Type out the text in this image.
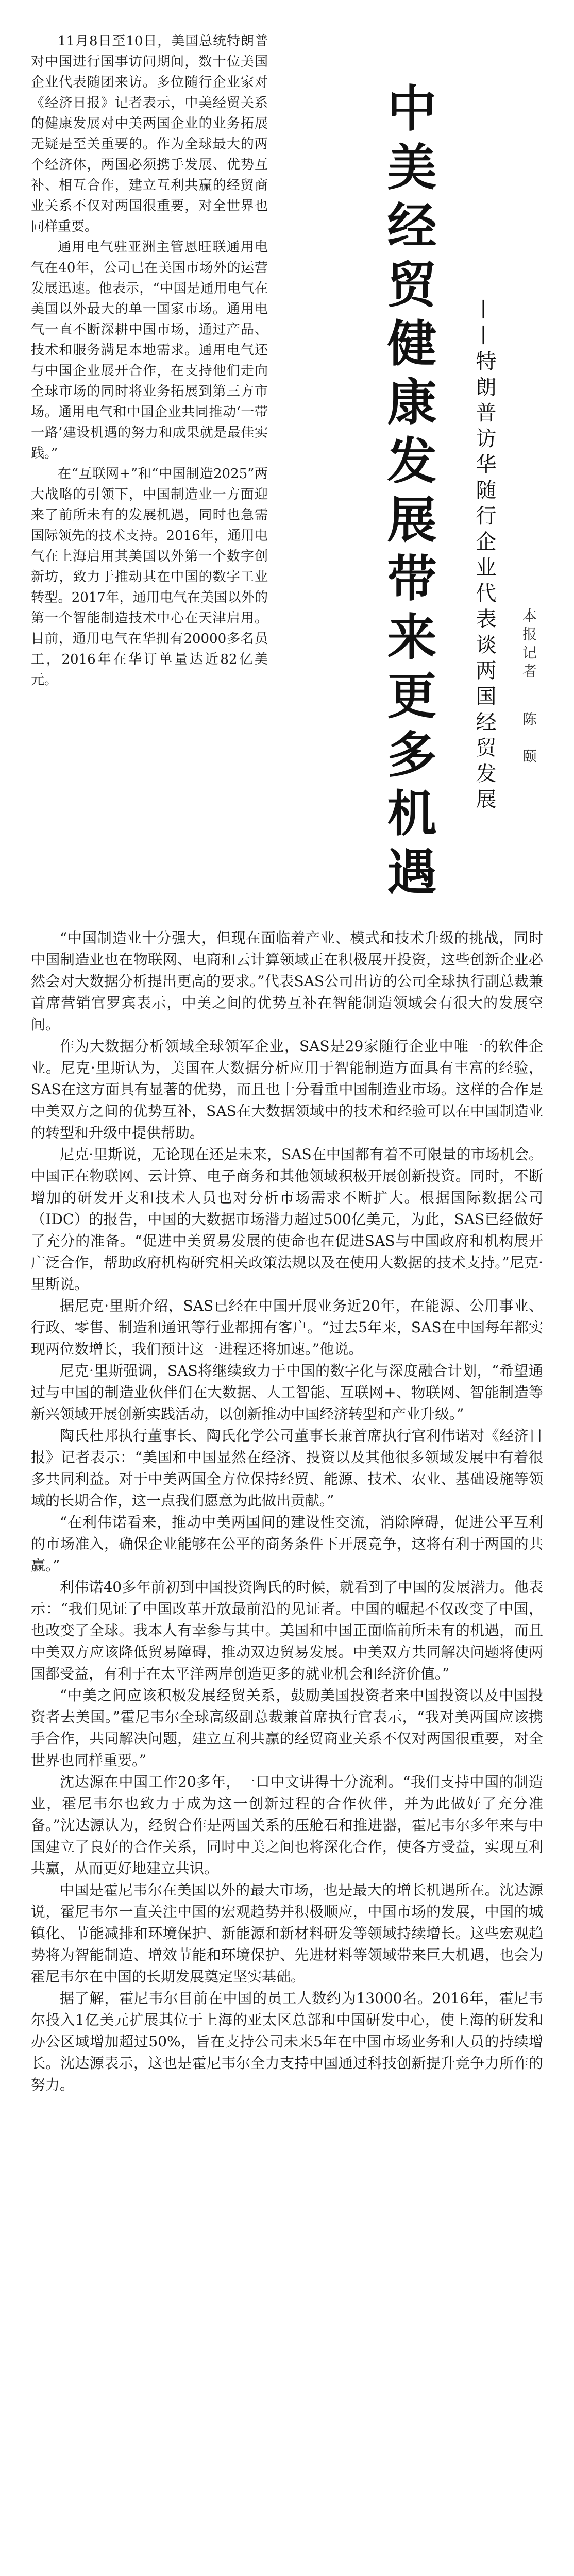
11月8日至10日，美国总统特朗普对中国进行国事访问期间，数十位美国企业代表随团来访。多位随行企业家对《经济日报》记者表示，中美经贸关系的健康发展对中美两国企业的业务拓展无疑是至关重要的。作为全球最大的两个经济体，两国必须携手发展、优势互补、相互合作，建立互利共赢的经贸商业关系不仅对两国很重要，对全世界也同样重要。

通用电气驻亚洲主管恩旺联通用电气在40年，公司已在美国市场外的运营发展迅速。他表示，“中国是通用电气在美国以外最大的单一国家市场。通用电气一直不断深耕中国市场，通过产品、技术和服务满足本地需求。通用电气还与中国企业展开合作，在支持他们走向全球市场的同时将业务拓展到第三方市场。通用电气和中国企业共同推动‘一带一路’建设机遇的努力和成果就是最佳实践。”

在“互联网+”和“中国制造2025”两大战略的引领下，中国制造业一方面迎来了前所未有的发展机遇，同时也急需国际领先的技术支持。2016年，通用电气在上海启用其美国以外第一个数字创新坊，致力于推动其在中国的数字工业转型。2017年，通用电气在美国以外的第一个智能制造技术中心在天津启用。目前，通用电气在华拥有20000多名员工，2016年在华订单量达近82亿美元。	中美经贸健康发展带来更多机遇 ——特朗普访华随行企业代表谈两国经贸发展 本报记者 陈　颐

“中国制造业十分强大，但现在面临着产业、模式和技术升级的挑战，同时中国制造业也在物联网、电商和云计算领域正在积极展开投资，这些创新企业必然会对大数据分析提出更高的要求。”代表SAS公司出访的公司全球执行副总裁兼首席营销官罗宾表示，中美之间的优势互补在智能制造领域会有很大的发展空间。

作为大数据分析领域全球领军企业，SAS是29家随行企业中唯一的软件企业。尼克·里斯认为，美国在大数据分析应用于智能制造方面具有丰富的经验，SAS在这方面具有显著的优势，而且也十分看重中国制造业市场。这样的合作是中美双方之间的优势互补，SAS在大数据领域中的技术和经验可以在中国制造业的转型和升级中提供帮助。

尼克·里斯说，无论现在还是未来，SAS在中国都有着不可限量的市场机会。中国正在物联网、云计算、电子商务和其他领域积极开展创新投资。同时，不断增加的研发开支和技术人员也对分析市场需求不断扩大。根据国际数据公司（IDC）的报告，中国的大数据市场潜力超过500亿美元，为此，SAS已经做好了充分的准备。“促进中美贸易发展的使命也在促进SAS与中国政府和机构展开广泛合作，帮助政府机构研究相关政策法规以及在使用大数据的技术支持。”尼克·里斯说。

据尼克·里斯介绍，SAS已经在中国开展业务近20年，在能源、公用事业、行政、零售、制造和通讯等行业都拥有客户。“过去5年来，SAS在中国每年都实现两位数增长，我们预计这一进程还将加速。”他说。

尼克·里斯强调，SAS将继续致力于中国的数字化与深度融合计划，“希望通过与中国的制造业伙伴们在大数据、人工智能、互联网+、物联网、智能制造等新兴领域开展创新实践活动，以创新推动中国经济转型和产业升级。”

陶氏杜邦执行董事长、陶氏化学公司董事长兼首席执行官利伟诺对《经济日报》记者表示：“美国和中国显然在经济、投资以及其他很多领域发展中有着很多共同利益。对于中美两国全方位保持经贸、能源、技术、农业、基础设施等领域的长期合作，这一点我们愿意为此做出贡献。”

“在利伟诺看来，推动中美两国间的建设性交流，消除障碍，促进公平互利的市场准入，确保企业能够在公平的商务条件下开展竞争，这将有利于两国的共赢。”

利伟诺40多年前初到中国投资陶氏的时候，就看到了中国的发展潜力。他表示：“我们见证了中国改革开放最前沿的见证者。中国的崛起不仅改变了中国，也改变了全球。我本人有幸参与其中。美国和中国正面临前所未有的机遇，而且中美双方应该降低贸易障碍，推动双边贸易发展。中美双方共同解决问题将使两国都受益，有利于在太平洋两岸创造更多的就业机会和经济价值。”

“中美之间应该积极发展经贸关系，鼓励美国投资者来中国投资以及中国投资者去美国。”霍尼韦尔全球高级副总裁兼首席执行官表示，“我对美两国应该携手合作，共同解决问题，建立互利共赢的经贸商业关系不仅对两国很重要，对全世界也同样重要。”

沈达源在中国工作20多年，一口中文讲得十分流利。“我们支持中国的制造业，霍尼韦尔也致力于成为这一创新过程的合作伙伴，并为此做好了充分准备。”沈达源认为，经贸合作是两国关系的压舱石和推进器，霍尼韦尔多年来与中国建立了良好的合作关系，同时中美之间也将深化合作，使各方受益，实现互利共赢，从而更好地建立共识。

中国是霍尼韦尔在美国以外的最大市场，也是最大的增长机遇所在。沈达源说，霍尼韦尔一直关注中国的宏观趋势并积极顺应，中国市场的发展，中国的城镇化、节能减排和环境保护、新能源和新材料研发等领域持续增长。这些宏观趋势将为智能制造、增效节能和环境保护、先进材料等领域带来巨大机遇，也会为霍尼韦尔在中国的长期发展奠定坚实基础。

据了解，霍尼韦尔目前在中国的员工人数约为13000名。2016年，霍尼韦尔投入1亿美元扩展其位于上海的亚太区总部和中国研发中心，使上海的研发和办公区域增加超过50%，旨在支持公司未来5年在中国市场业务和人员的持续增长。沈达源表示，这也是霍尼韦尔全力支持中国通过科技创新提升竞争力所作的努力。
